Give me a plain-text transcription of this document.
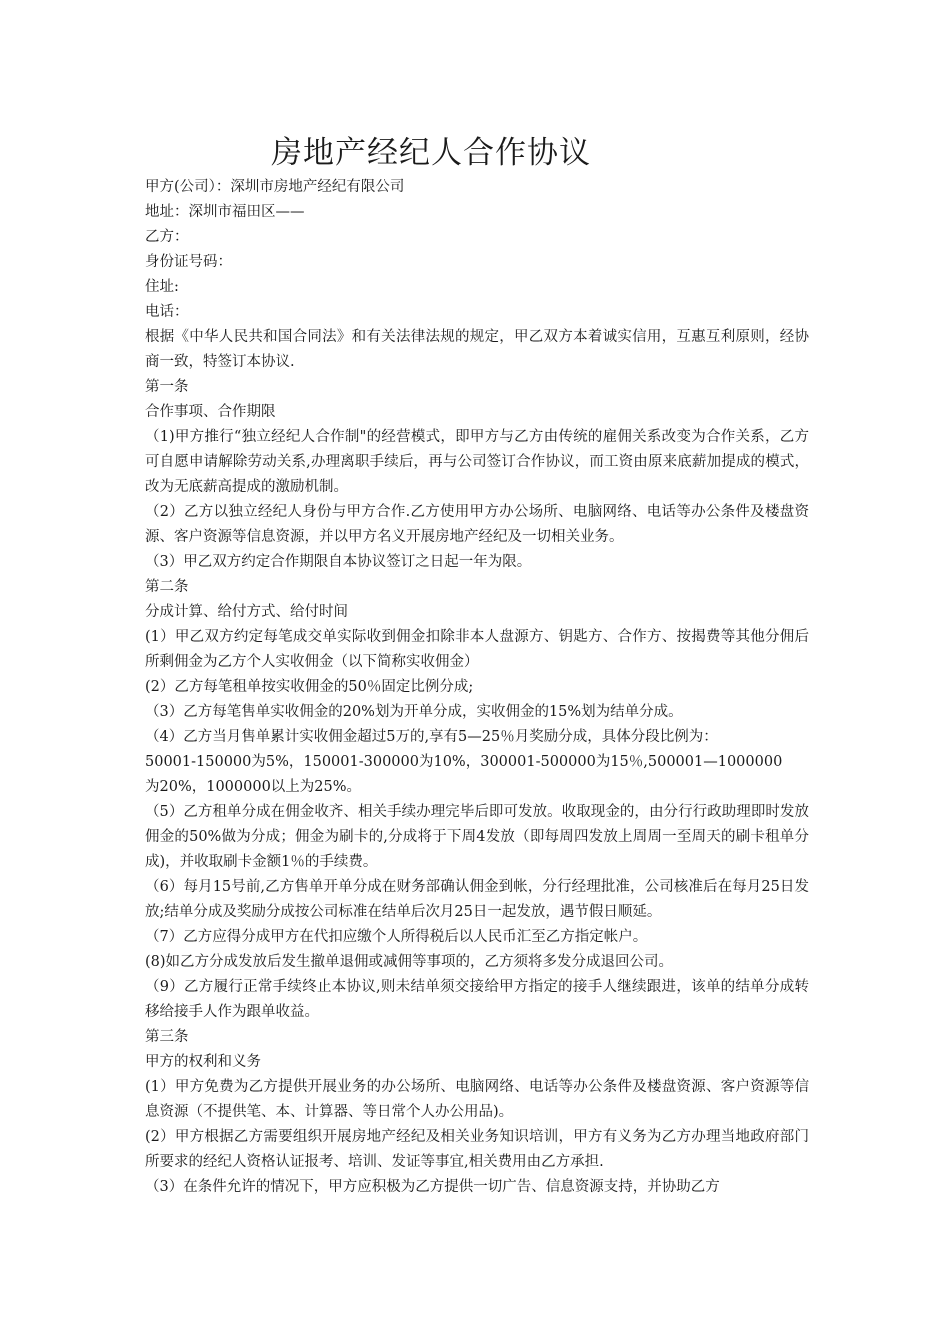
房地产经纪人合作协议

甲方(公司）：深圳市房地产经纪有限公司

地址：深圳市福田区——

乙方：

身份证号码：

住址:

电话：

根据《中华人民共和国合同法》和有关法律法规的规定，甲乙双方本着诚实信用，互惠互利原则，经协商一致，特签订本协议.

第一条

合作事项、合作期限

（1)甲方推行“独立经纪人合作制"的经营模式，即甲方与乙方由传统的雇佣关系改变为合作关系，乙方可自愿申请解除劳动关系,办理离职手续后，再与公司签订合作协议，而工资由原来底薪加提成的模式，改为无底薪高提成的激励机制。

（2）乙方以独立经纪人身份与甲方合作.乙方使用甲方办公场所、电脑网络、电话等办公条件及楼盘资源、客户资源等信息资源，并以甲方名义开展房地产经纪及一切相关业务。

（3）甲乙双方约定合作期限自本协议签订之日起一年为限。

第二条

分成计算、给付方式、给付时间

(1）甲乙双方约定每笔成交单实际收到佣金扣除非本人盘源方、钥匙方、合作方、按揭费等其他分佣后所剩佣金为乙方个人实收佣金（以下简称实收佣金）

(2）乙方每笔租单按实收佣金的50％固定比例分成;

（3）乙方每笔售单实收佣金的20%划为开单分成，实收佣金的15%划为结单分成。

（4）乙方当月售单累计实收佣金超过5万的,享有5—25％月奖励分成，具体分段比例为：

50001-150000为5%，150001-300000为10%，300001-500000为15％,500001—1000000

为20%，1000000以上为25%。

（5）乙方租单分成在佣金收齐、相关手续办理完毕后即可发放。收取现金的，由分行行政助理即时发放佣金的50%做为分成；佣金为刷卡的,分成将于下周4发放（即每周四发放上周周一至周天的刷卡租单分成)，并收取刷卡金额1％的手续费。

（6）每月15号前,乙方售单开单分成在财务部确认佣金到帐，分行经理批准，公司核准后在每月25日发放;结单分成及奖励分成按公司标准在结单后次月25日一起发放，遇节假日顺延。

（7）乙方应得分成甲方在代扣应缴个人所得税后以人民币汇至乙方指定帐户。

(8)如乙方分成发放后发生撤单退佣或减佣等事项的，乙方须将多发分成退回公司。

（9）乙方履行正常手续终止本协议,则未结单须交接给甲方指定的接手人继续跟进，该单的结单分成转移给接手人作为跟单收益。

第三条

甲方的权利和义务

(1）甲方免费为乙方提供开展业务的办公场所、电脑网络、电话等办公条件及楼盘资源、客户资源等信息资源（不提供笔、本、计算器、等日常个人办公用品)。

(2）甲方根据乙方需要组织开展房地产经纪及相关业务知识培训，甲方有义务为乙方办理当地政府部门所要求的经纪人资格认证报考、培训、发证等事宜,相关费用由乙方承担.

（3）在条件允许的情况下，甲方应积极为乙方提供一切广告、信息资源支持，并协助乙方
